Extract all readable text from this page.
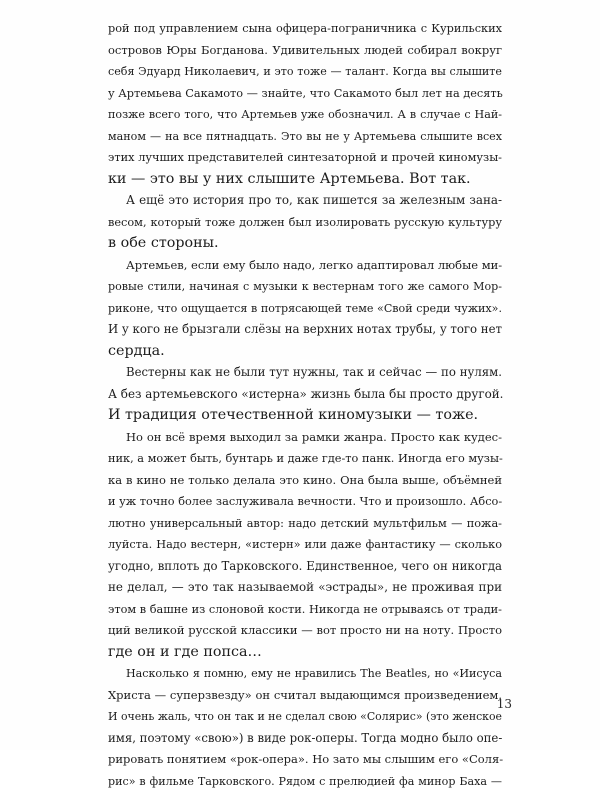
рой под управлением сына офицера-пограничника с Курильских
островов Юры Богданова. Удивительных людей собирал вокруг
себя Эдуард Николаевич, и это тоже — талант. Когда вы слышите
у Артемьева Сакамото — знайте, что Сакамото был лет на десять
позже всего того, что Артемьев уже обозначил. А в случае с Най-
маном — на все пятнадцать. Это вы не у Артемьева слышите всех
этих лучших представителей синтезаторной и прочей киномузы-
ки — это вы у них слышите Артемьева. Вот так.
А ещё это история про то, как пишется за железным зана-
весом, который тоже должен был изолировать русскую культуру
в обе стороны.
Артемьев, если ему было надо, легко адаптировал любые ми-
ровые стили, начиная с музыки к вестернам того же самого Мор-
риконе, что ощущается в потрясающей теме «Свой среди чужих».
И у кого не брызгали слёзы на верхних нотах трубы, у того нет
сердца.
Вестерны как не были тут нужны, так и сейчас — по нулям.
А без артемьевского «истерна» жизнь была бы просто другой.
И традиция отечественной киномузыки — тоже.
Но он всё время выходил за рамки жанра. Просто как кудес-
ник, а может быть, бунтарь и даже где-то панк. Иногда его музы-
ка в кино не только делала это кино. Она была выше, объёмней
и уж точно более заслуживала вечности. Что и произошло. Абсо-
лютно универсальный автор: надо детский мультфильм — пожа-
луйста. Надо вестерн, «истерн» или даже фантастику — сколько
угодно, вплоть до Тарковского. Единственное, чего он никогда
не делал, — это так называемой «эстрады», не проживая при
этом в башне из слоновой кости. Никогда не отрываясь от тради-
ций великой русской классики — вот просто ни на ноту. Просто
где он и где попса…
Насколько я помню, ему не нравились The Beatles, но «Иисуса
Христа — суперзвезду» он считал выдающимся произведением.
И очень жаль, что он так и не сделал свою «Солярис» (это женское
имя, поэтому «свою») в виде рок-оперы. Тогда модно было опе-
рировать понятием «рок-опера». Но зато мы слышим его «Соля-
рис» в фильме Тарковского. Рядом с прелюдией фа минор Баха —
13
